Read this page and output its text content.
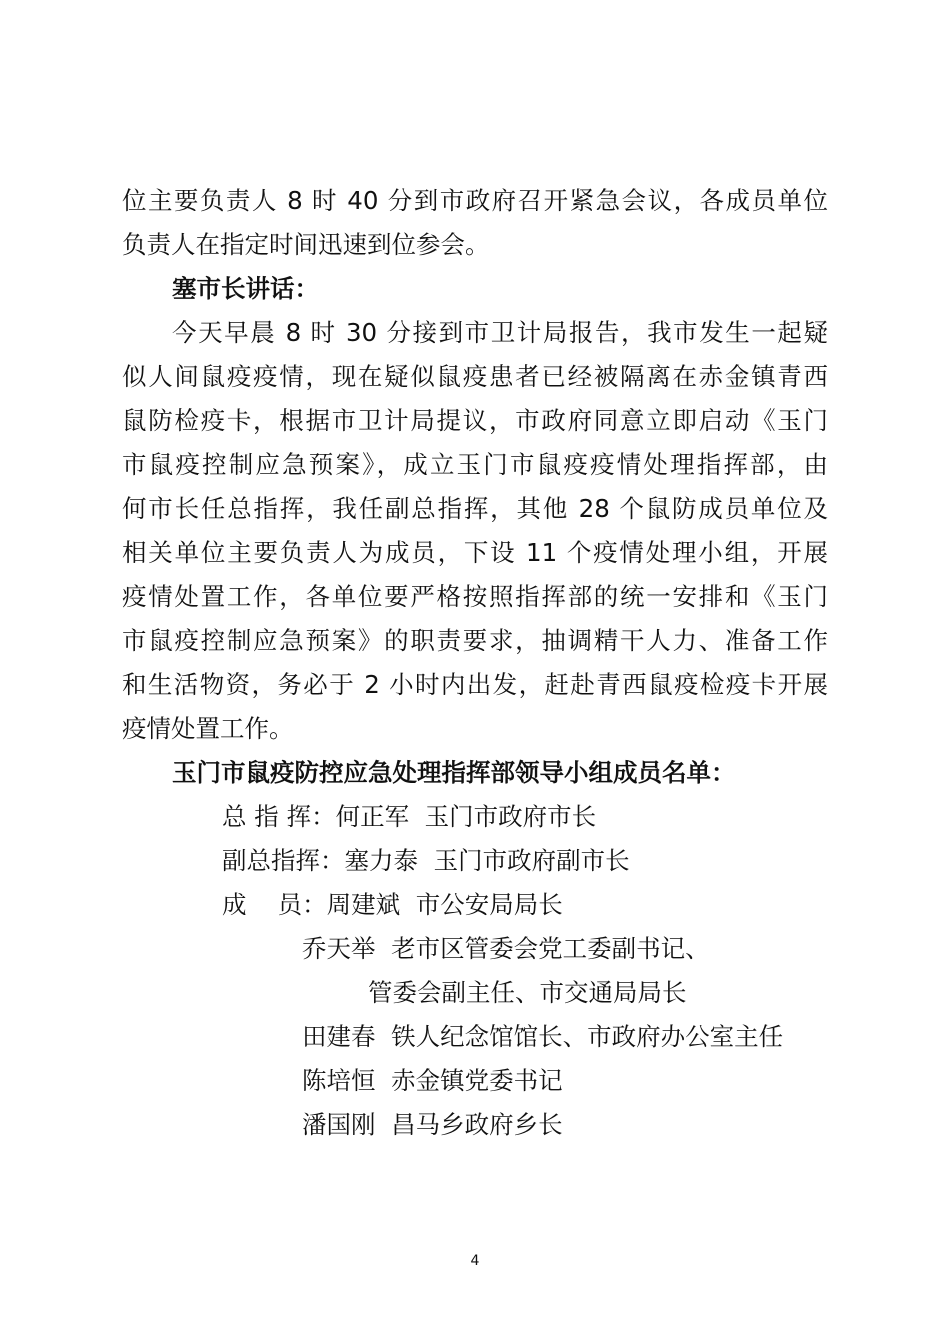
位主要负责人 8 时 40 分到市政府召开紧急会议，各成员单位
负责人在指定时间迅速到位参会。
塞市长讲话：
今天早晨 8 时 30 分接到市卫计局报告，我市发生一起疑
似人间鼠疫疫情，现在疑似鼠疫患者已经被隔离在赤金镇青西
鼠防检疫卡，根据市卫计局提议，市政府同意立即启动《玉门
市鼠疫控制应急预案》，成立玉门市鼠疫疫情处理指挥部，由
何市长任总指挥，我任副总指挥，其他 28 个鼠防成员单位及
相关单位主要负责人为成员，下设 11 个疫情处理小组，开展
疫情处置工作，各单位要严格按照指挥部的统一安排和《玉门
市鼠疫控制应急预案》的职责要求，抽调精干人力、准备工作
和生活物资，务必于 2 小时内出发，赶赴青西鼠疫检疫卡开展
疫情处置工作。
玉门市鼠疫防控应急处理指挥部领导小组成员名单：
总 指 挥：何正军  玉门市政府市长
副总指挥：塞力泰  玉门市政府副市长
成    员：周建斌  市公安局局长
乔天举  老市区管委会党工委副书记、
管委会副主任、市交通局局长
田建春  铁人纪念馆馆长、市政府办公室主任
陈培恒  赤金镇党委书记
潘国刚  昌马乡政府乡长
4
